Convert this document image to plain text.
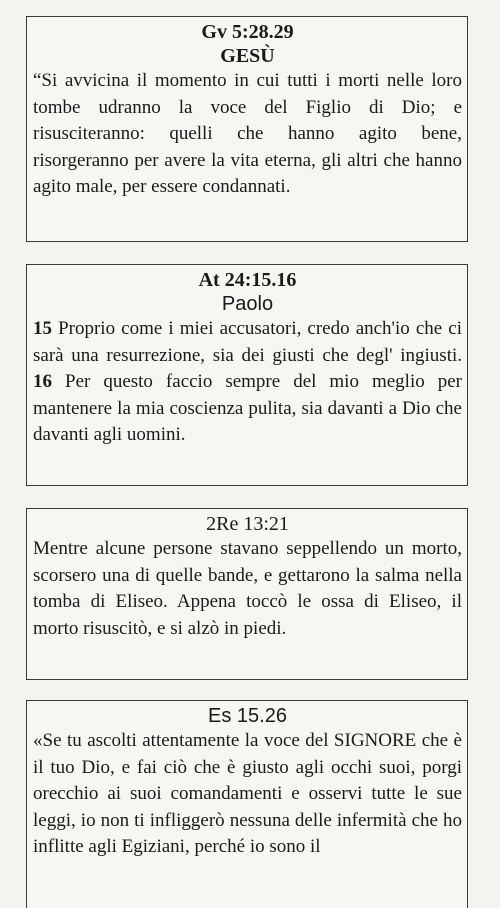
Gv 5:28.29
GESÙ
“Si avvicina il momento in cui tutti i morti nelle loro tombe udranno la voce del Figlio di Dio; e risusciteranno: quelli che hanno agito bene, risorgeranno per avere la vita eterna, gli altri che hanno agito male, per essere condannati.
At 24:15.16
Paolo
15 Proprio come i miei accusatori, credo anch'io che ci sarà una resurrezione, sia dei giusti che degl' ingiusti. 16 Per questo faccio sempre del mio meglio per mantenere la mia coscienza pulita, sia davanti a Dio che davanti agli uomini.
2Re 13:21
Mentre alcune persone stavano seppellendo un morto, scorsero una di quelle bande, e gettarono la salma nella tomba di Eliseo. Appena toccò le ossa di Eliseo, il morto risuscitò, e si alzò in piedi.
Es 15.26
«Se tu ascolti attentamente la voce del SIGNORE che è il tuo Dio, e fai ciò che è giusto agli occhi suoi, porgi orecchio ai suoi comandamenti e osservi tutte le sue leggi, io non ti infliggerò nessuna delle infermità che ho inflitte agli Egiziani, perché io sono il
